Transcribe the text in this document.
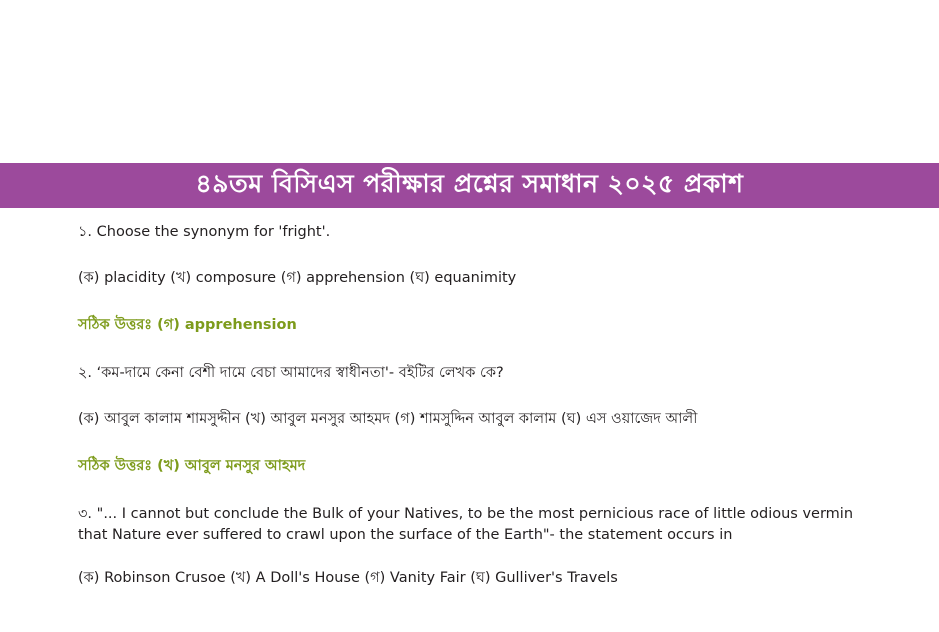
৪৯তম বিসিএস পরীক্ষার প্রশ্নের সমাধান ২০২৫ প্রকাশ

১. Choose the synonym for 'fright'.

(ক) placidity (খ) composure (গ) apprehension (ঘ) equanimity

সঠিক উত্তরঃ (গ) apprehension

২. ‘কম-দামে কেনা বেশী দামে বেচা আমাদের স্বাধীনতা'- বইটির লেখক কে?

(ক) আবুল কালাম শামসুদ্দীন (খ) আবুল মনসুর আহমদ (গ) শামসুদ্দিন আবুল কালাম (ঘ) এস ওয়াজেদ আলী

সঠিক উত্তরঃ (খ) আবুল মনসুর আহমদ

৩. "... I cannot but conclude the Bulk of your Natives, to be the most pernicious race of little odious vermin that Nature ever suffered to crawl upon the surface of the Earth"- the statement occurs in

(ক) Robinson Crusoe (খ) A Doll's House (গ) Vanity Fair (ঘ) Gulliver's Travels
